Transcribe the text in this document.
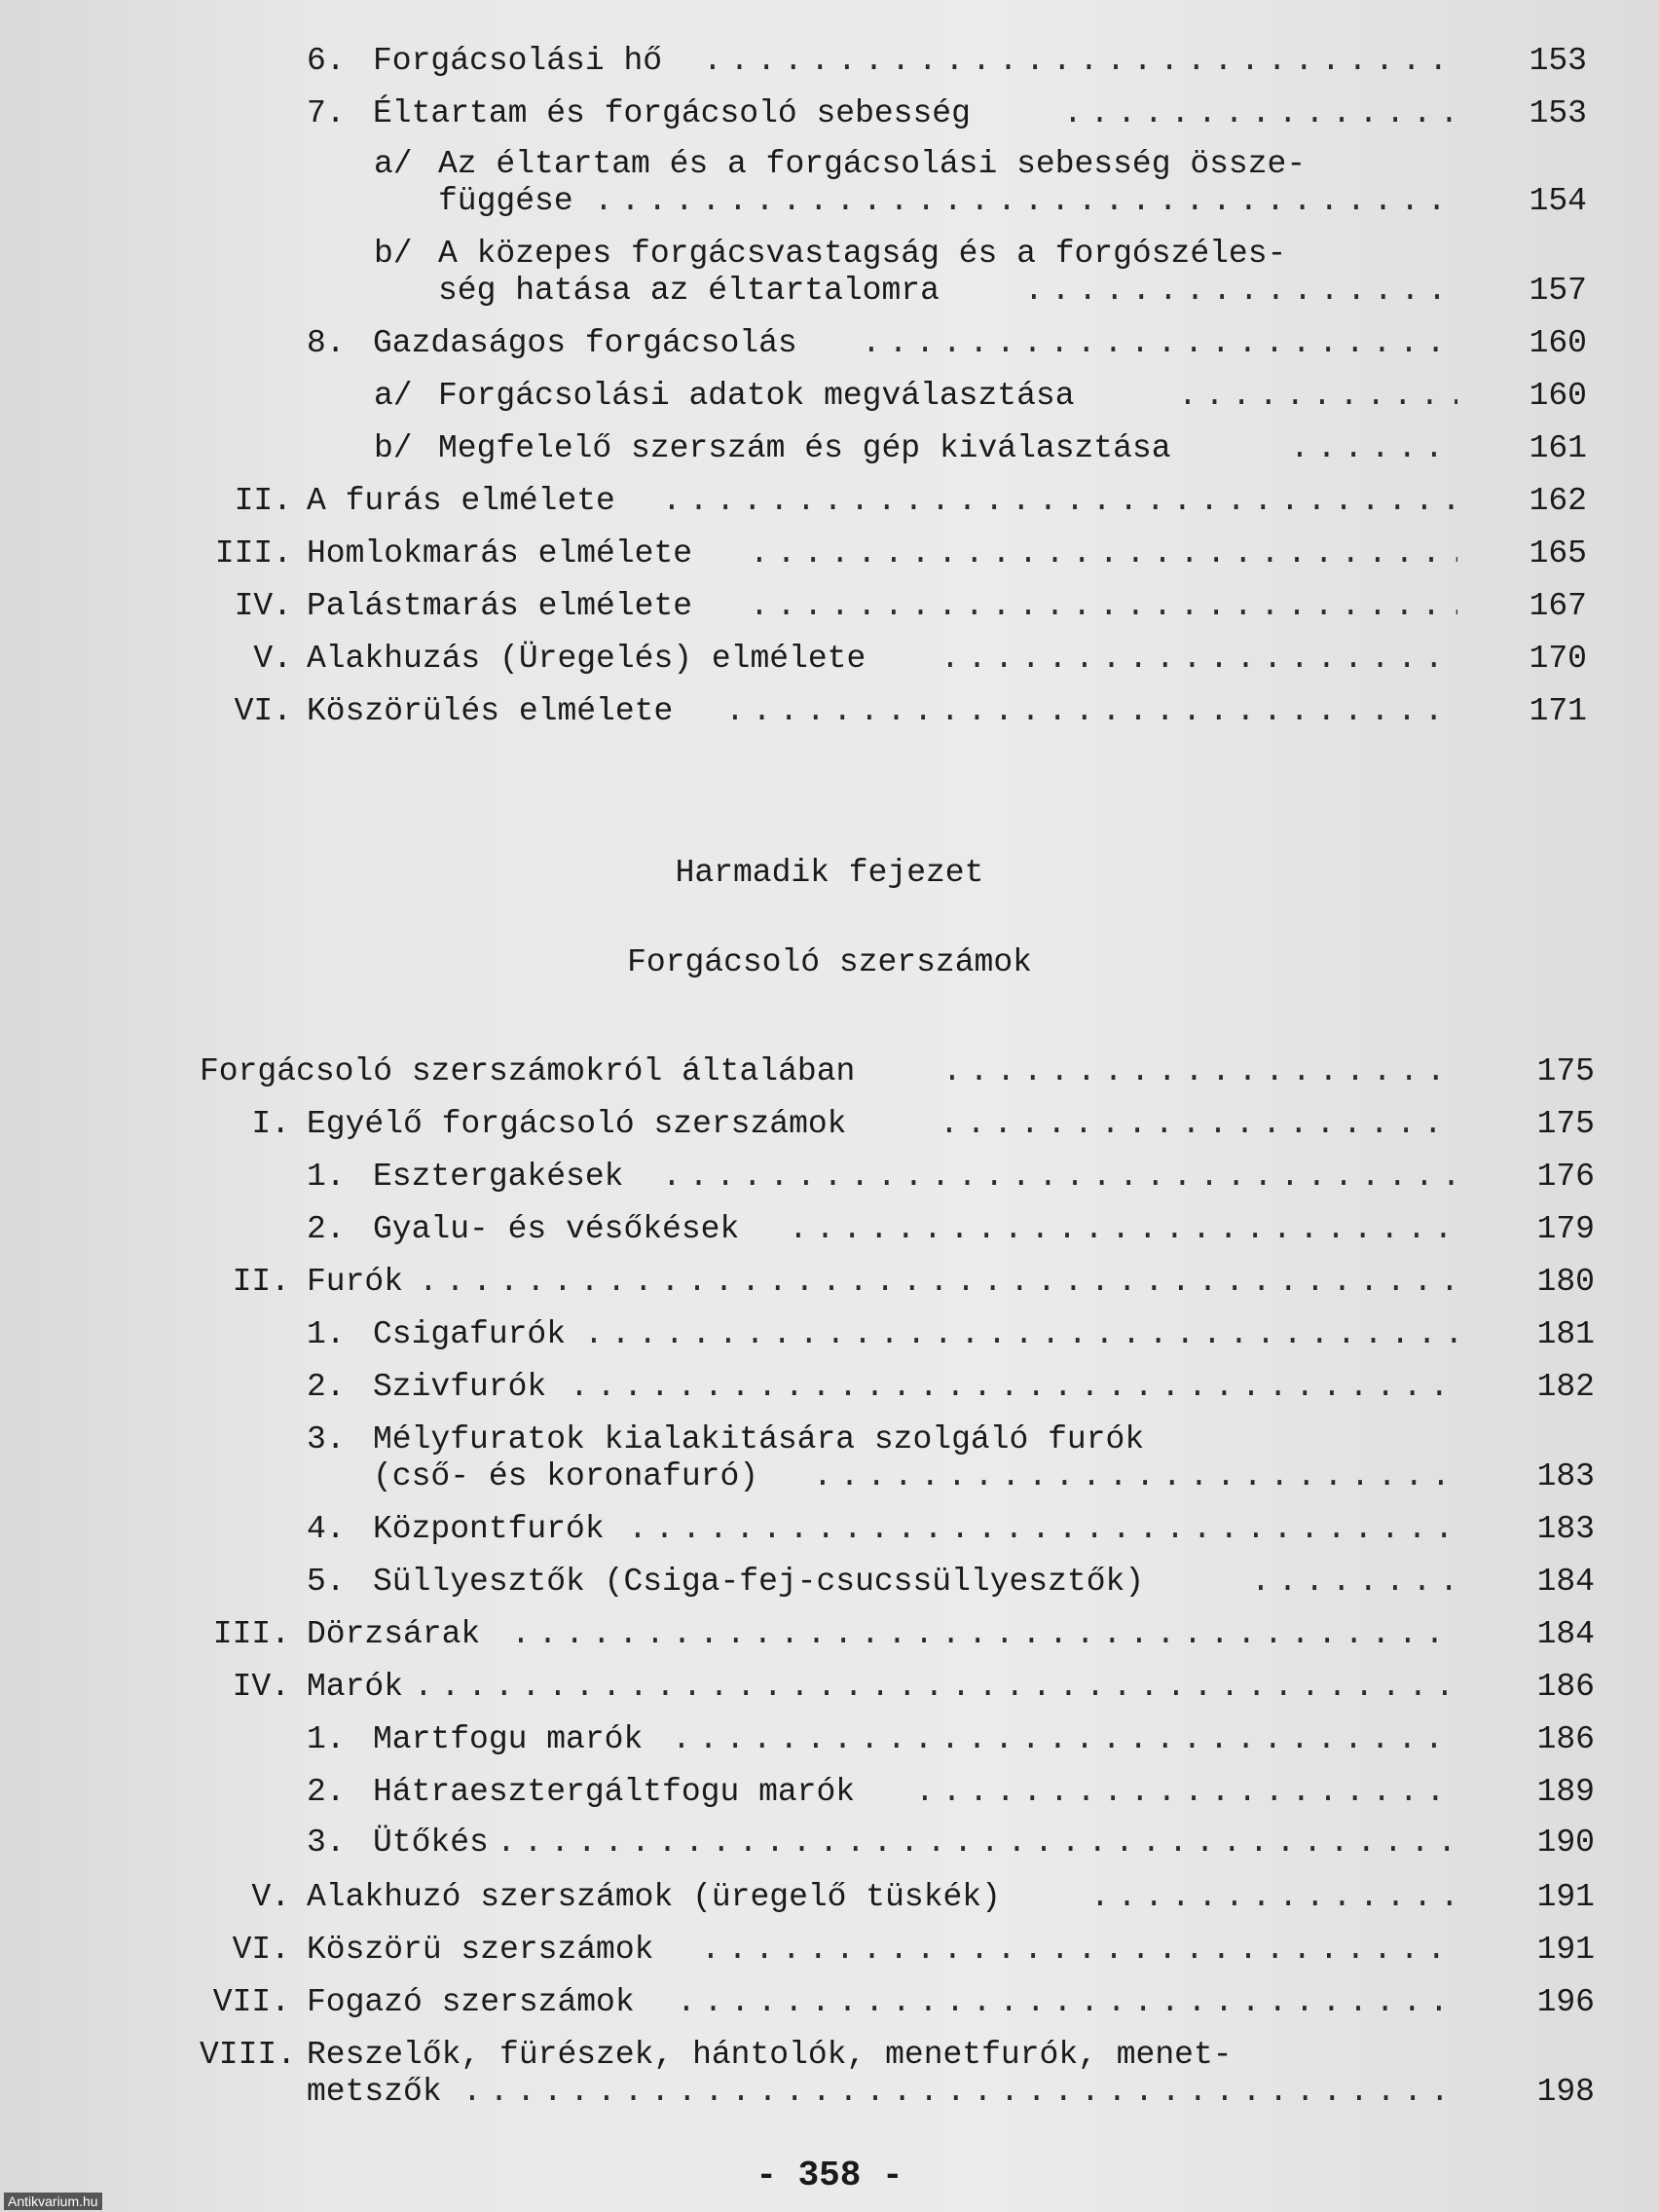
6. Forgácsolási hő . . .	153
7. Éltartam és forgácsoló sebesség . . .	153
a/ Az éltartam és a forgácsolási sebesség össze-
függése . . .	154
b/ A közepes forgácsvastagság és a forgószéles-
ség hatása az éltartalomra . . .	157
8. Gazdaságos forgácsolás . . .	160
a/ Forgácsolási adatok megválasztása . . .	160
b/ Megfelelő szerszám és gép kiválasztása . . .	161
II. A furás elmélete . . .	162
III. Homlokmarás elmélete . . .	165
IV. Palástmarás elmélete . . .	167
V. Alakhuzás (Üregelés) elmélete . . .	170
VI. Köszörülés elmélete . . .	171
Harmadik fejezet
Forgácsoló szerszámok
Forgácsoló szerszámokról általában . . .	175
I. Egyélő forgácsoló szerszámok . . .	175
1. Esztergakések . . .	176
2. Gyalu- és vésőkések . . .	179
II. Furók . . .	180
1. Csigafurók . . .	181
2. Szivfurók . . .	182
3. Mélyfuratok kialakitására szolgáló furók
(cső- és koronafuró) . . .	183
4. Központfurók . . .	183
5. Süllyesztők (Csiga-fej-csucssüllyesztők) . . .	184
III. Dörzsárak . . .	184
IV. Marók . . .	186
1. Martfogu marók . . .	186
2. Hátraesztergáltfogu marók . . .	189
3. Ütőkés . . .	190
V. Alakhuzó szerszámok (üregelő tüskék) . . .	191
VI. Köszörü szerszámok . . .	191
VII. Fogazó szerszámok . . .	196
VIII. Reszelők, fürészek, hántolók, menetfurók, menet-
metszők . . .	198
- 358 -
Antikvarium.hu
